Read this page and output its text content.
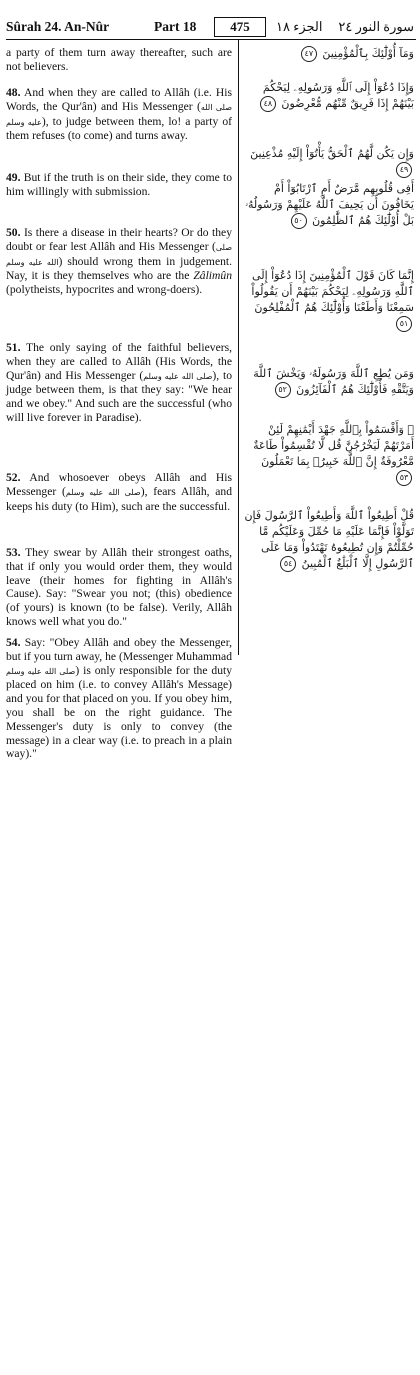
Sûrah 24. An-Nûr	Part 18	475	الجزء ١٨ سورة النور ٢٤

a party of them turn away thereafter, such are not believers.

48. And when they are called to Allâh (i.e. His Words, the Qur'ân) and His Messenger (صلى الله عليه وسلم), to judge between them, lo! a party of them refuses (to come) and turns away.

49. But if the truth is on their side, they come to him willingly with submission.

50. Is there a disease in their hearts? Or do they doubt or fear lest Allâh and His Messenger (صلى الله عليه وسلم) should wrong them in judgement. Nay, it is they themselves who are the Zâlimûn (polytheists, hypocrites and wrong-doers).

51. The only saying of the faithful believers, when they are called to Allâh (His Words, the Qur'ân) and His Messenger (صلى الله عليه وسلم), to judge between them, is that they say: "We hear and we obey." And such are the successful (who will live forever in Paradise).

52. And whosoever obeys Allâh and His Messenger (صلى الله عليه وسلم), fears Allâh, and keeps his duty (to Him), such are the successful.

53. They swear by Allâh their strongest oaths, that if only you would order them, they would leave (their homes for fighting in Allâh's Cause). Say: "Swear you not; (this) obedience (of yours) is known (to be false). Verily, Allâh knows well what you do."

54. Say: "Obey Allâh and obey the Messenger, but if you turn away, he (Messenger Muhammad صلى الله عليه وسلم) is only responsible for the duty placed on him (i.e. to convey Allâh's Message) and you for that placed on you. If you obey him, you shall be on the right guidance. The Messenger's duty is only to convey (the message) in a clear way (i.e. to preach in a plain way)."

وَمَآ أُوْلَٰٓئِكَ بِٱلْمُؤْمِنِينَ ٤٧

وَإِذَا دُعُوٓاْ إِلَى ٱللَّهِ وَرَسُولِهِۦ لِيَحْكُمَ بَيْنَهُمْ إِذَا فَرِيقٌ مِّنْهُم مُّعْرِضُونَ ٤٨

وَإِن يَكُن لَّهُمُ ٱلْحَقُّ يَأْتُوٓاْ إِلَيْهِ مُذْعِنِينَ ٤٩

أَفِى قُلُوبِهِم مَّرَضٌ أَمِ ٱرْتَابُوٓاْ أَمْ يَخَافُونَ أَن يَحِيفَ ٱللَّهُ عَلَيْهِمْ وَرَسُولُهُۥ بَلْ أُوْلَٰٓئِكَ هُمُ ٱلظَّٰلِمُونَ ٥٠

إِنَّمَا كَانَ قَوْلَ ٱلْمُؤْمِنِينَ إِذَا دُعُوٓاْ إِلَى ٱللَّهِ وَرَسُولِهِۦ لِيَحْكُمَ بَيْنَهُمْ أَن يَقُولُواْ سَمِعْنَا وَأَطَعْنَا وَأُوْلَٰٓئِكَ هُمُ ٱلْمُفْلِحُونَ ٥١

وَمَن يُطِعِ ٱللَّهَ وَرَسُولَهُۥ وَيَخْشَ ٱللَّهَ وَيَتَّقْهِ فَأُوْلَٰٓئِكَ هُمُ ٱلْفَآئِزُونَ ٥٢

۞ وَأَقْسَمُواْ بِٱللَّهِ جَهْدَ أَيْمَٰنِهِمْ لَئِنْ أَمَرْتَهُمْ لَيَخْرُجُنَّ قُل لَّا تُقْسِمُواْ طَاعَةٌ مَّعْرُوفَةٌ إِنَّ ٱللَّهَ خَبِيرُۢ بِمَا تَعْمَلُونَ ٥٣

قُلْ أَطِيعُواْ ٱللَّهَ وَأَطِيعُواْ ٱلرَّسُولَ فَإِن تَوَلَّوْاْ فَإِنَّمَا عَلَيْهِ مَا حُمِّلَ وَعَلَيْكُم مَّا حُمِّلْتُمْ وَإِن تُطِيعُوهُ تَهْتَدُواْ وَمَا عَلَى ٱلرَّسُولِ إِلَّا ٱلْبَلَٰغُ ٱلْمُبِينُ ٥٤
